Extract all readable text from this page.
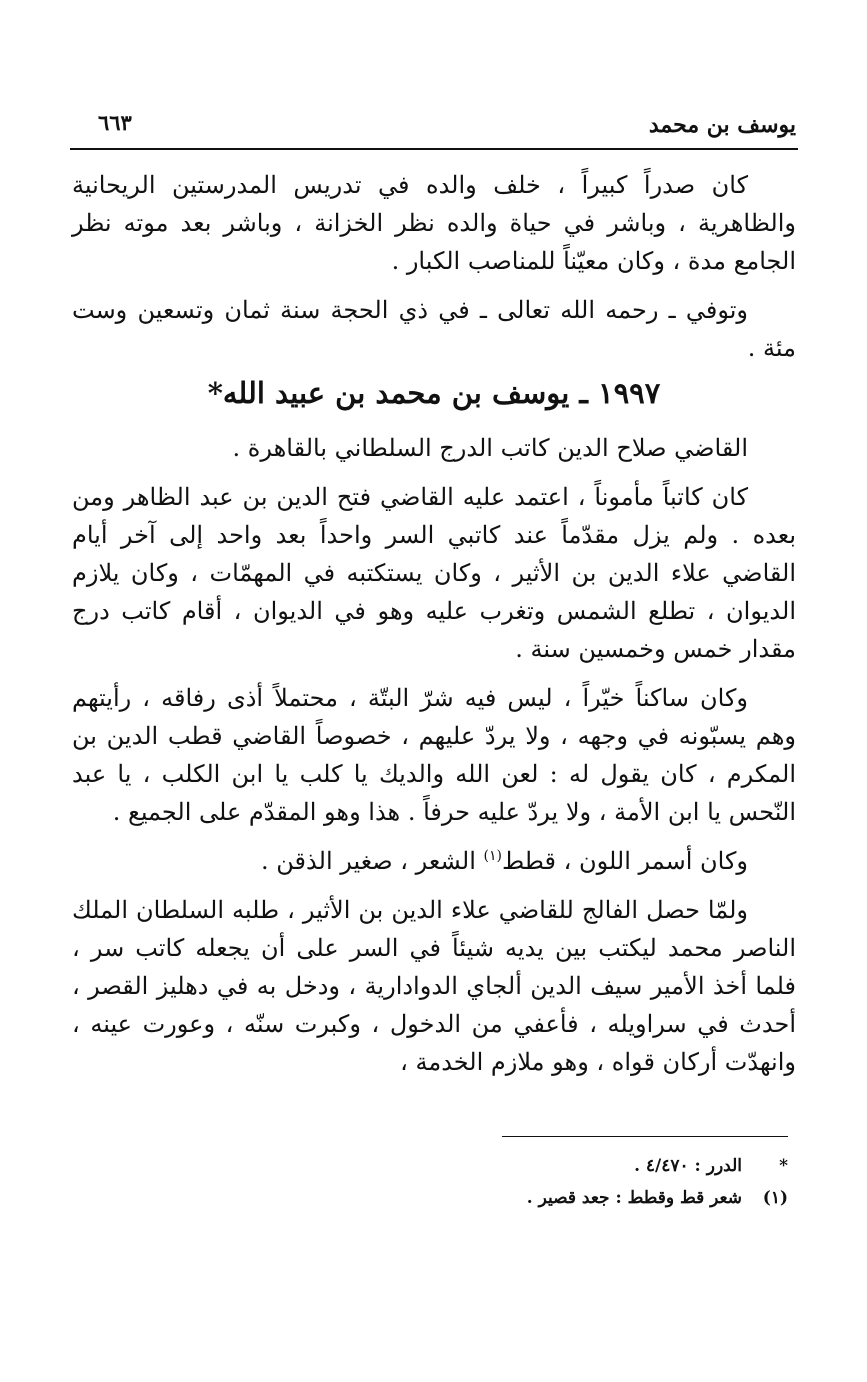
يوسف بن محمد
٦٦٣

كان صدراً كبيراً ، خلف والده في تدريس المدرستين الريحانية والظاهرية ، وباشر في حياة والده نظر الخزانة ، وباشر بعد موته نظر الجامع مدة ، وكان معيّناً للمناصب الكبار .

وتوفي ـ رحمه الله تعالى ـ في ذي الحجة سنة ثمان وتسعين وست مئة .

١٩٩٧ ـ يوسف بن محمد بن عبيد الله*

القاضي صلاح الدين كاتب الدرج السلطاني بالقاهرة .

كان كاتباً مأموناً ، اعتمد عليه القاضي فتح الدين بن عبد الظاهر ومن بعده . ولم يزل مقدّماً عند كاتبي السر واحداً بعد واحد إلى آخر أيام القاضي علاء الدين بن الأثير ، وكان يستكتبه في المهمّات ، وكان يلازم الديوان ، تطلع الشمس وتغرب عليه وهو في الديوان ، أقام كاتب درج مقدار خمس وخمسين سنة .

وكان ساكناً خيّراً ، ليس فيه شرّ البتّة ، محتملاً أذى رفاقه ، رأيتهم وهم يسبّونه في وجهه ، ولا يردّ عليهم ، خصوصاً القاضي قطب الدين بن المكرم ، كان يقول له : لعن الله والديك يا كلب يا ابن الكلب ، يا عبد النّحس يا ابن الأمة ، ولا يردّ عليه حرفاً . هذا وهو المقدّم على الجميع .

وكان أسمر اللون ، قطط$^{(١)}$ الشعر ، صغير الذقن .

ولمّا حصل الفالج للقاضي علاء الدين بن الأثير ، طلبه السلطان الملك الناصر محمد ليكتب بين يديه شيئاً في السر على أن يجعله كاتب سر ، فلما أخذ الأمير سيف الدين ألجاي الدوادارية ، ودخل به في دهليز القصر ، أحدث في سراويله ، فأعفي من الدخول ، وكبرت سنّه ، وعورت عينه ، وانهدّت أركان قواه ، وهو ملازم الخدمة ،

*الدرر : ٤/٤٧٠ .
(١)شعر قط وقطط : جعد قصير .
